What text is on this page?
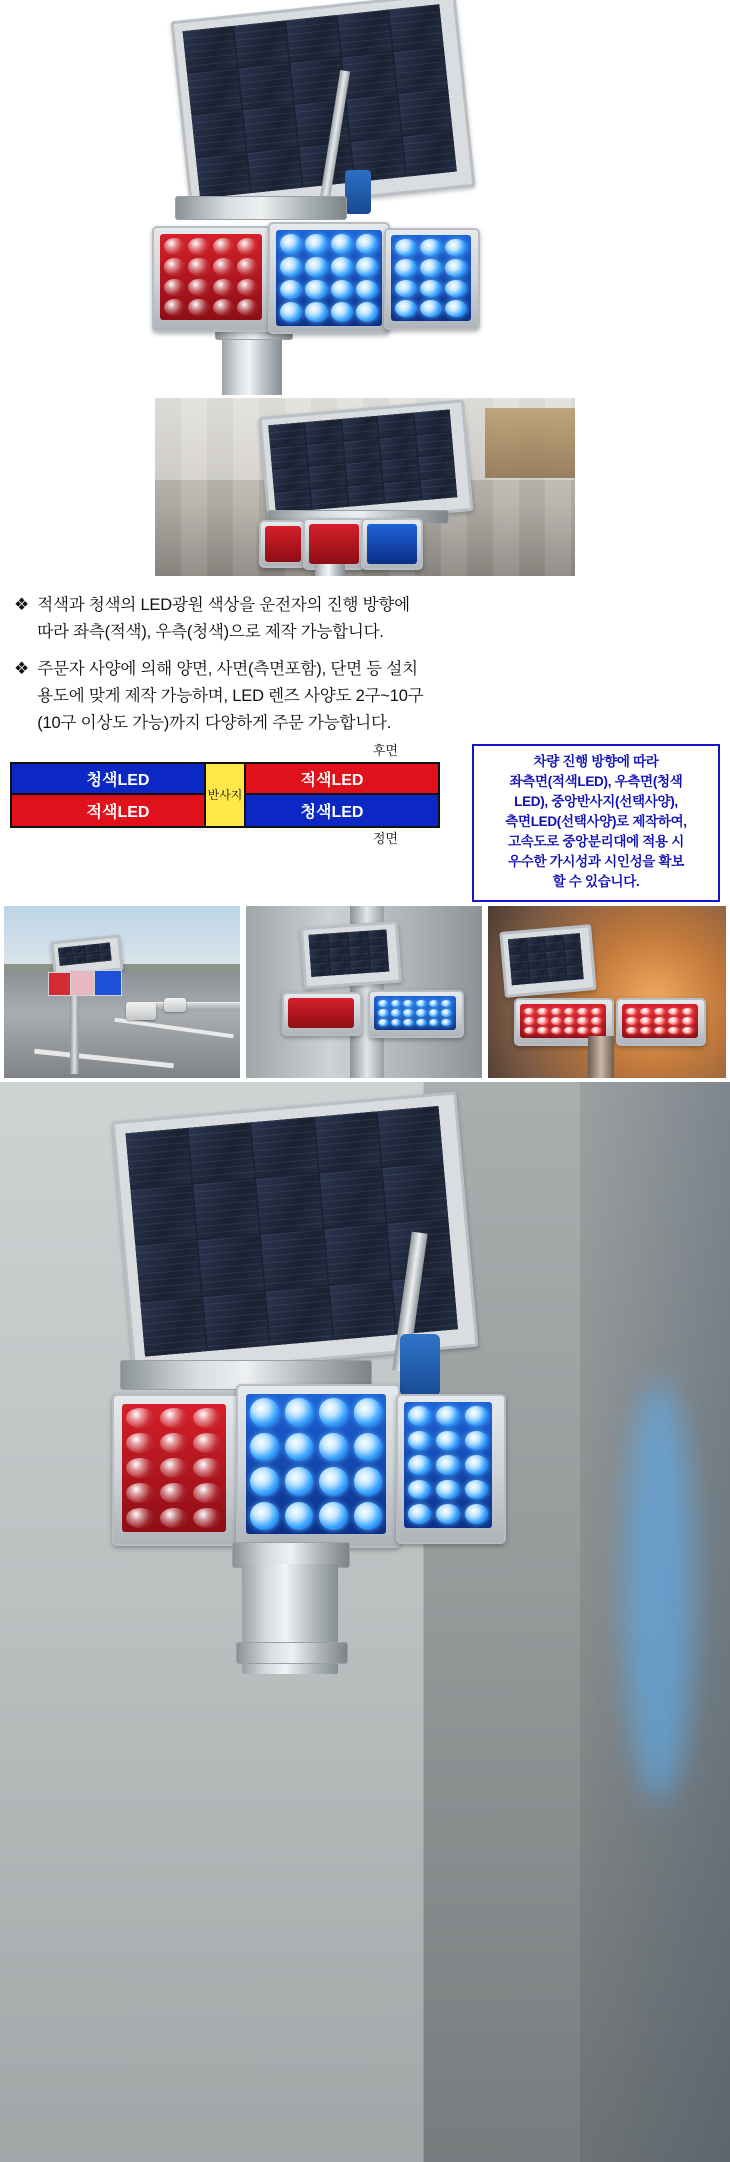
❖ 적색과 청색의 LED광원 색상을 운전자의 진행 방향에
따라 좌측(적색), 우측(청색)으로 제작 가능합니다.
❖ 주문자 사양에 의해 양면, 사면(측면포함), 단면 등 설치
용도에 맞게 제작 가능하며, LED 렌즈 사양도 2구~10구
(10구 이상도 가능)까지 다양하게 주문 가능합니다.
후면
청색LED	적색LED
적색LED	청색LED
반사지
정면
차량 진행 방향에 따라
좌측면(적색LED), 우측면(청색
LED), 중앙반사지(선택사양),
측면LED(선택사양)로 제작하여,
고속도로 중앙분리대에 적용 시
우수한 가시성과 시인성을 확보
할 수 있습니다.
